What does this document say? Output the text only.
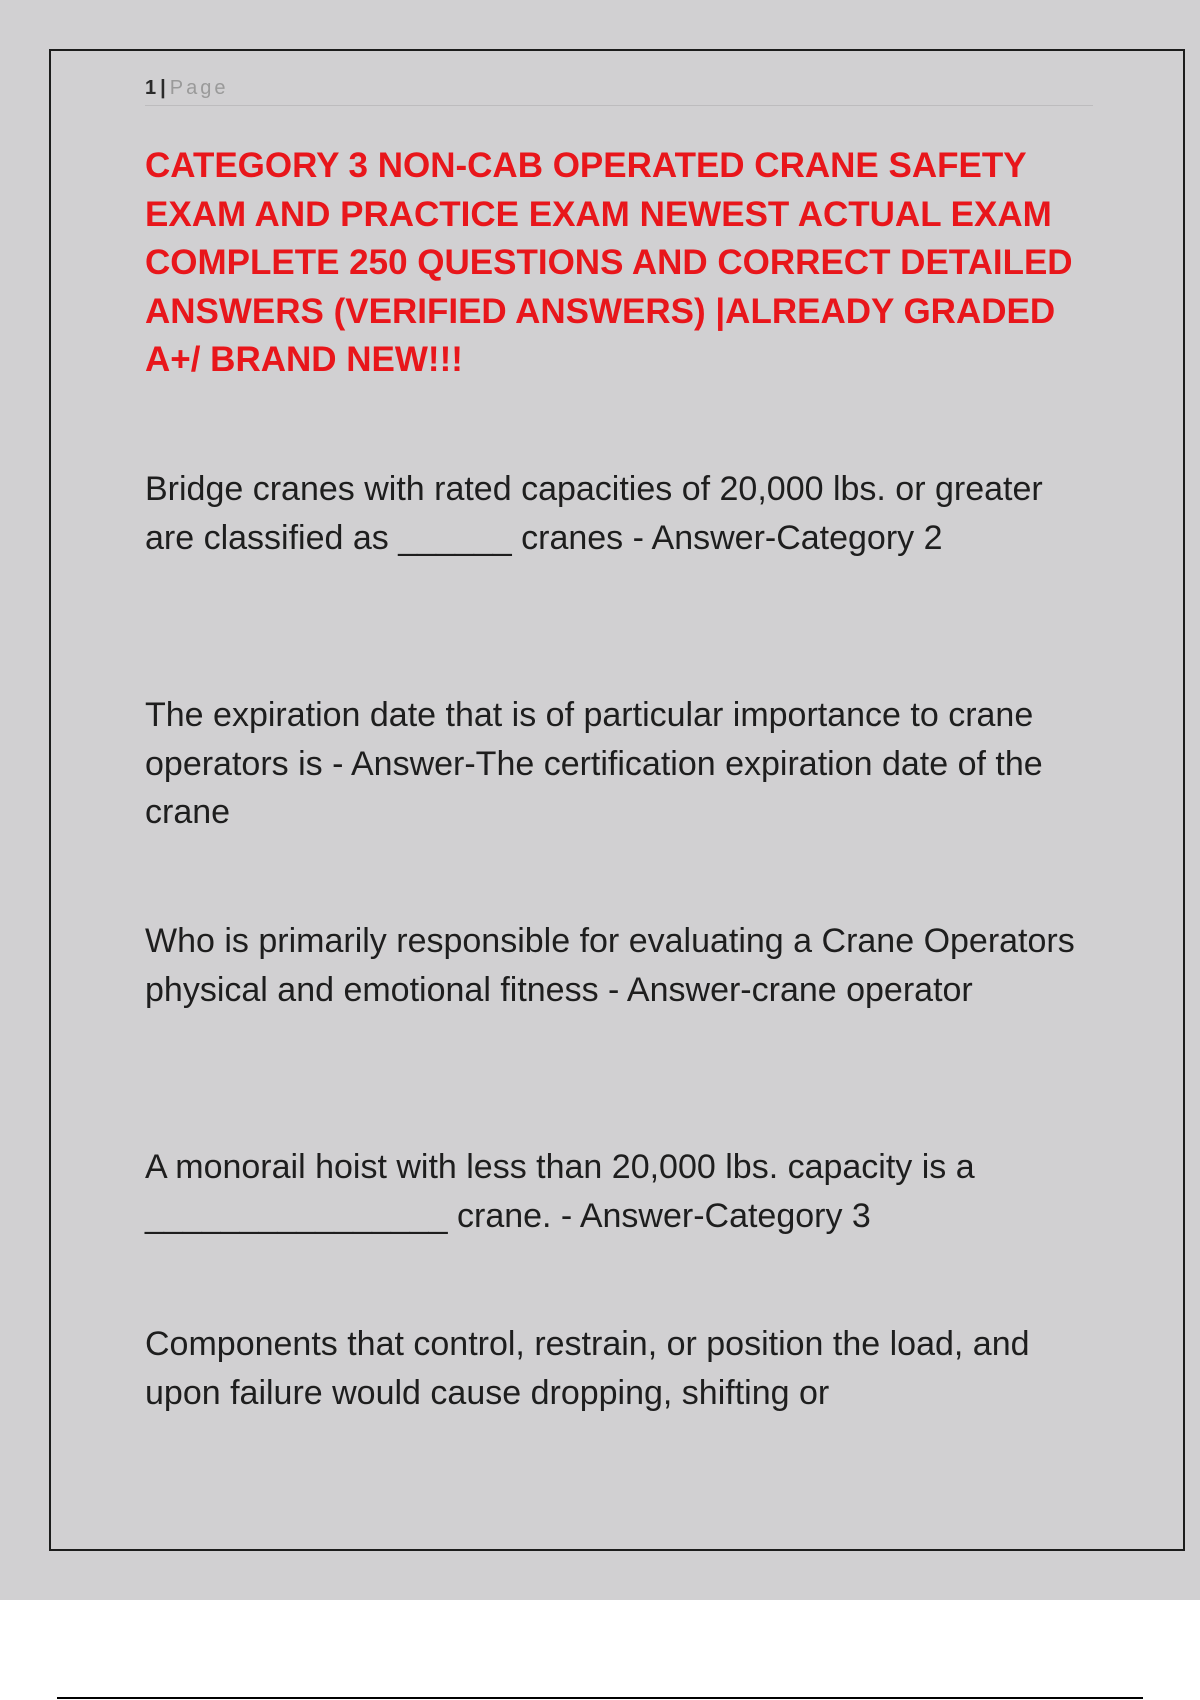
1 | Page
CATEGORY 3 NON-CAB OPERATED CRANE SAFETY EXAM AND PRACTICE EXAM NEWEST ACTUAL EXAM COMPLETE 250 QUESTIONS AND CORRECT DETAILED ANSWERS (VERIFIED ANSWERS) |ALREADY GRADED A+/ BRAND NEW!!!

Bridge cranes with rated capacities of 20,000 lbs. or greater are classified as ______ cranes - Answer-Category 2

The expiration date that is of particular importance to crane operators is - Answer-The certification expiration date of the crane

Who is primarily responsible for evaluating a Crane Operators physical and emotional fitness - Answer-crane operator

A monorail hoist with less than 20,000 lbs. capacity is a ________________ crane. - Answer-Category 3

Components that control, restrain, or position the load, and upon failure would cause dropping, shifting or
